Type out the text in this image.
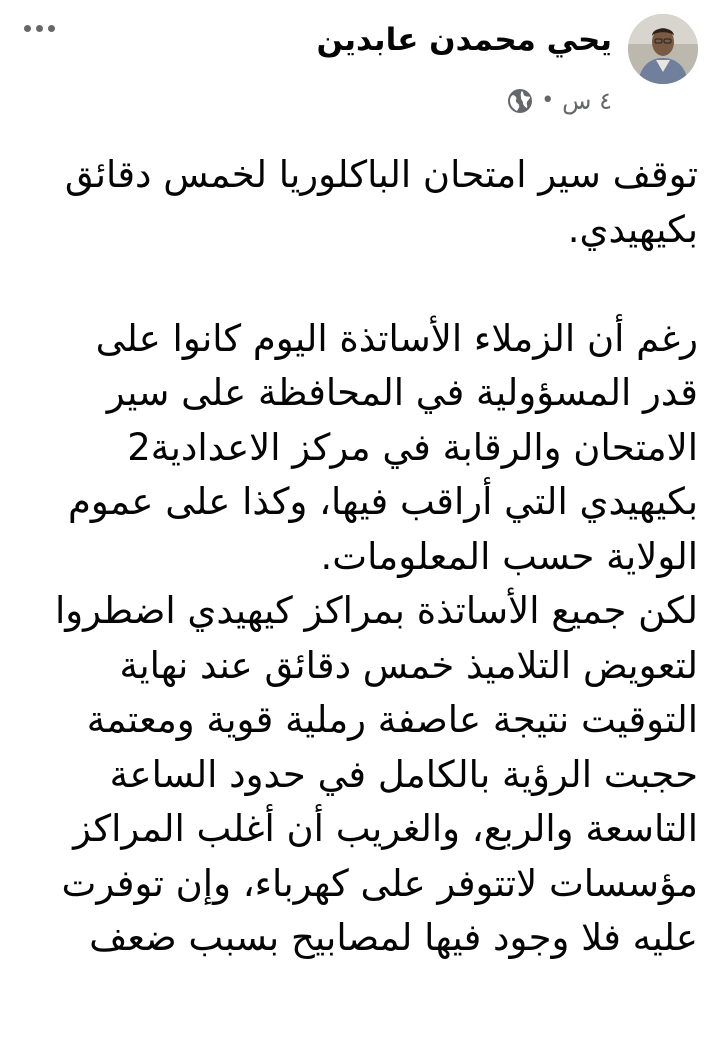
يحي محمدن عابدين
٤ س
•

توقف سير امتحان الباكلوريا لخمس دقائق بكيهيدي.

رغم أن الزملاء الأساتذة اليوم كانوا على قدر المسؤولية في المحافظة على سير الامتحان والرقابة في مركز الاعدادية2 بكيهيدي التي أراقب فيها، وكذا على عموم الولاية حسب المعلومات.

لكن جميع الأساتذة بمراكز كيهيدي اضطروا لتعويض التلاميذ خمس دقائق عند نهاية التوقيت نتيجة عاصفة رملية قوية ومعتمة حجبت الرؤية بالكامل في حدود الساعة التاسعة والربع، والغريب أن أغلب المراكز مؤسسات لاتتوفر على كهرباء، وإن توفرت عليه فلا وجود فيها لمصابيح بسبب ضعف
